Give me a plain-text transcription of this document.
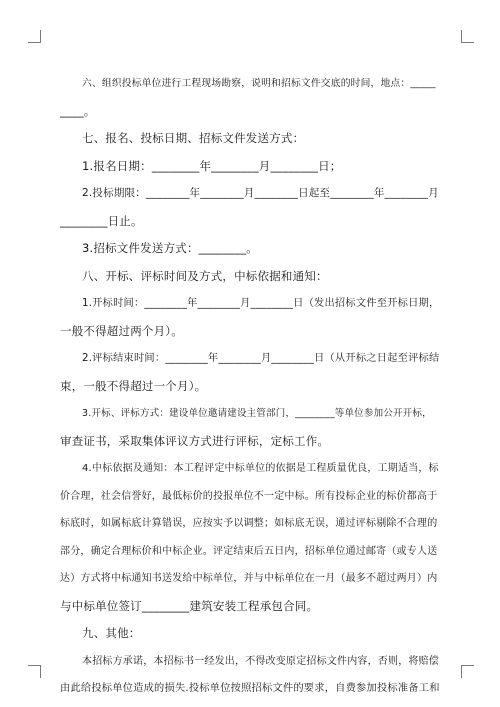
六、组织投标单位进行工程现场勘察，说明和招标文件交底的时间，地点：_____
____。
七、报名、投标日期、招标文件发送方式：
1.报名日期：________年________月________日；
2.投标期限：________年________月________日起至________年________月
________日止。
3.招标文件发送方式：________。
八、开标、评标时间及方式，中标依据和通知：
1.开标时间：________年________月________日（发出招标文件至开标日期，
一般不得超过两个月）。
2.评标结束时间：________年________月________日（从开标之日起至评标结
束，一般不得超过一个月）。
3.开标、评标方式：建设单位邀请建设主管部门，________等单位参加公开开标，
审查证书，采取集体评议方式进行评标，定标工作。
4.中标依据及通知：本工程评定中标单位的依据是工程质量优良，工期适当，标
价合理，社会信誉好，最低标价的投报单位不一定中标。所有投标企业的标价都高于
标底时，如属标底计算错误，应按实予以调整；如标底无误，通过评标剔除不合理的
部分，确定合理标价和中标企业。评定结束后五日内，招标单位通过邮寄（或专人送
达）方式将中标通知书送发给中标单位，并与中标单位在一月（最多不超过两月）内
与中标单位签订________建筑安装工程承包合同。
九、其他：
本招标方承诺，本招标书一经发出，不得改变原定招标文件内容，否则，将赔偿
由此给投标单位造成的损失.投标单位按照招标文件的要求，自费参加投标准备工和
